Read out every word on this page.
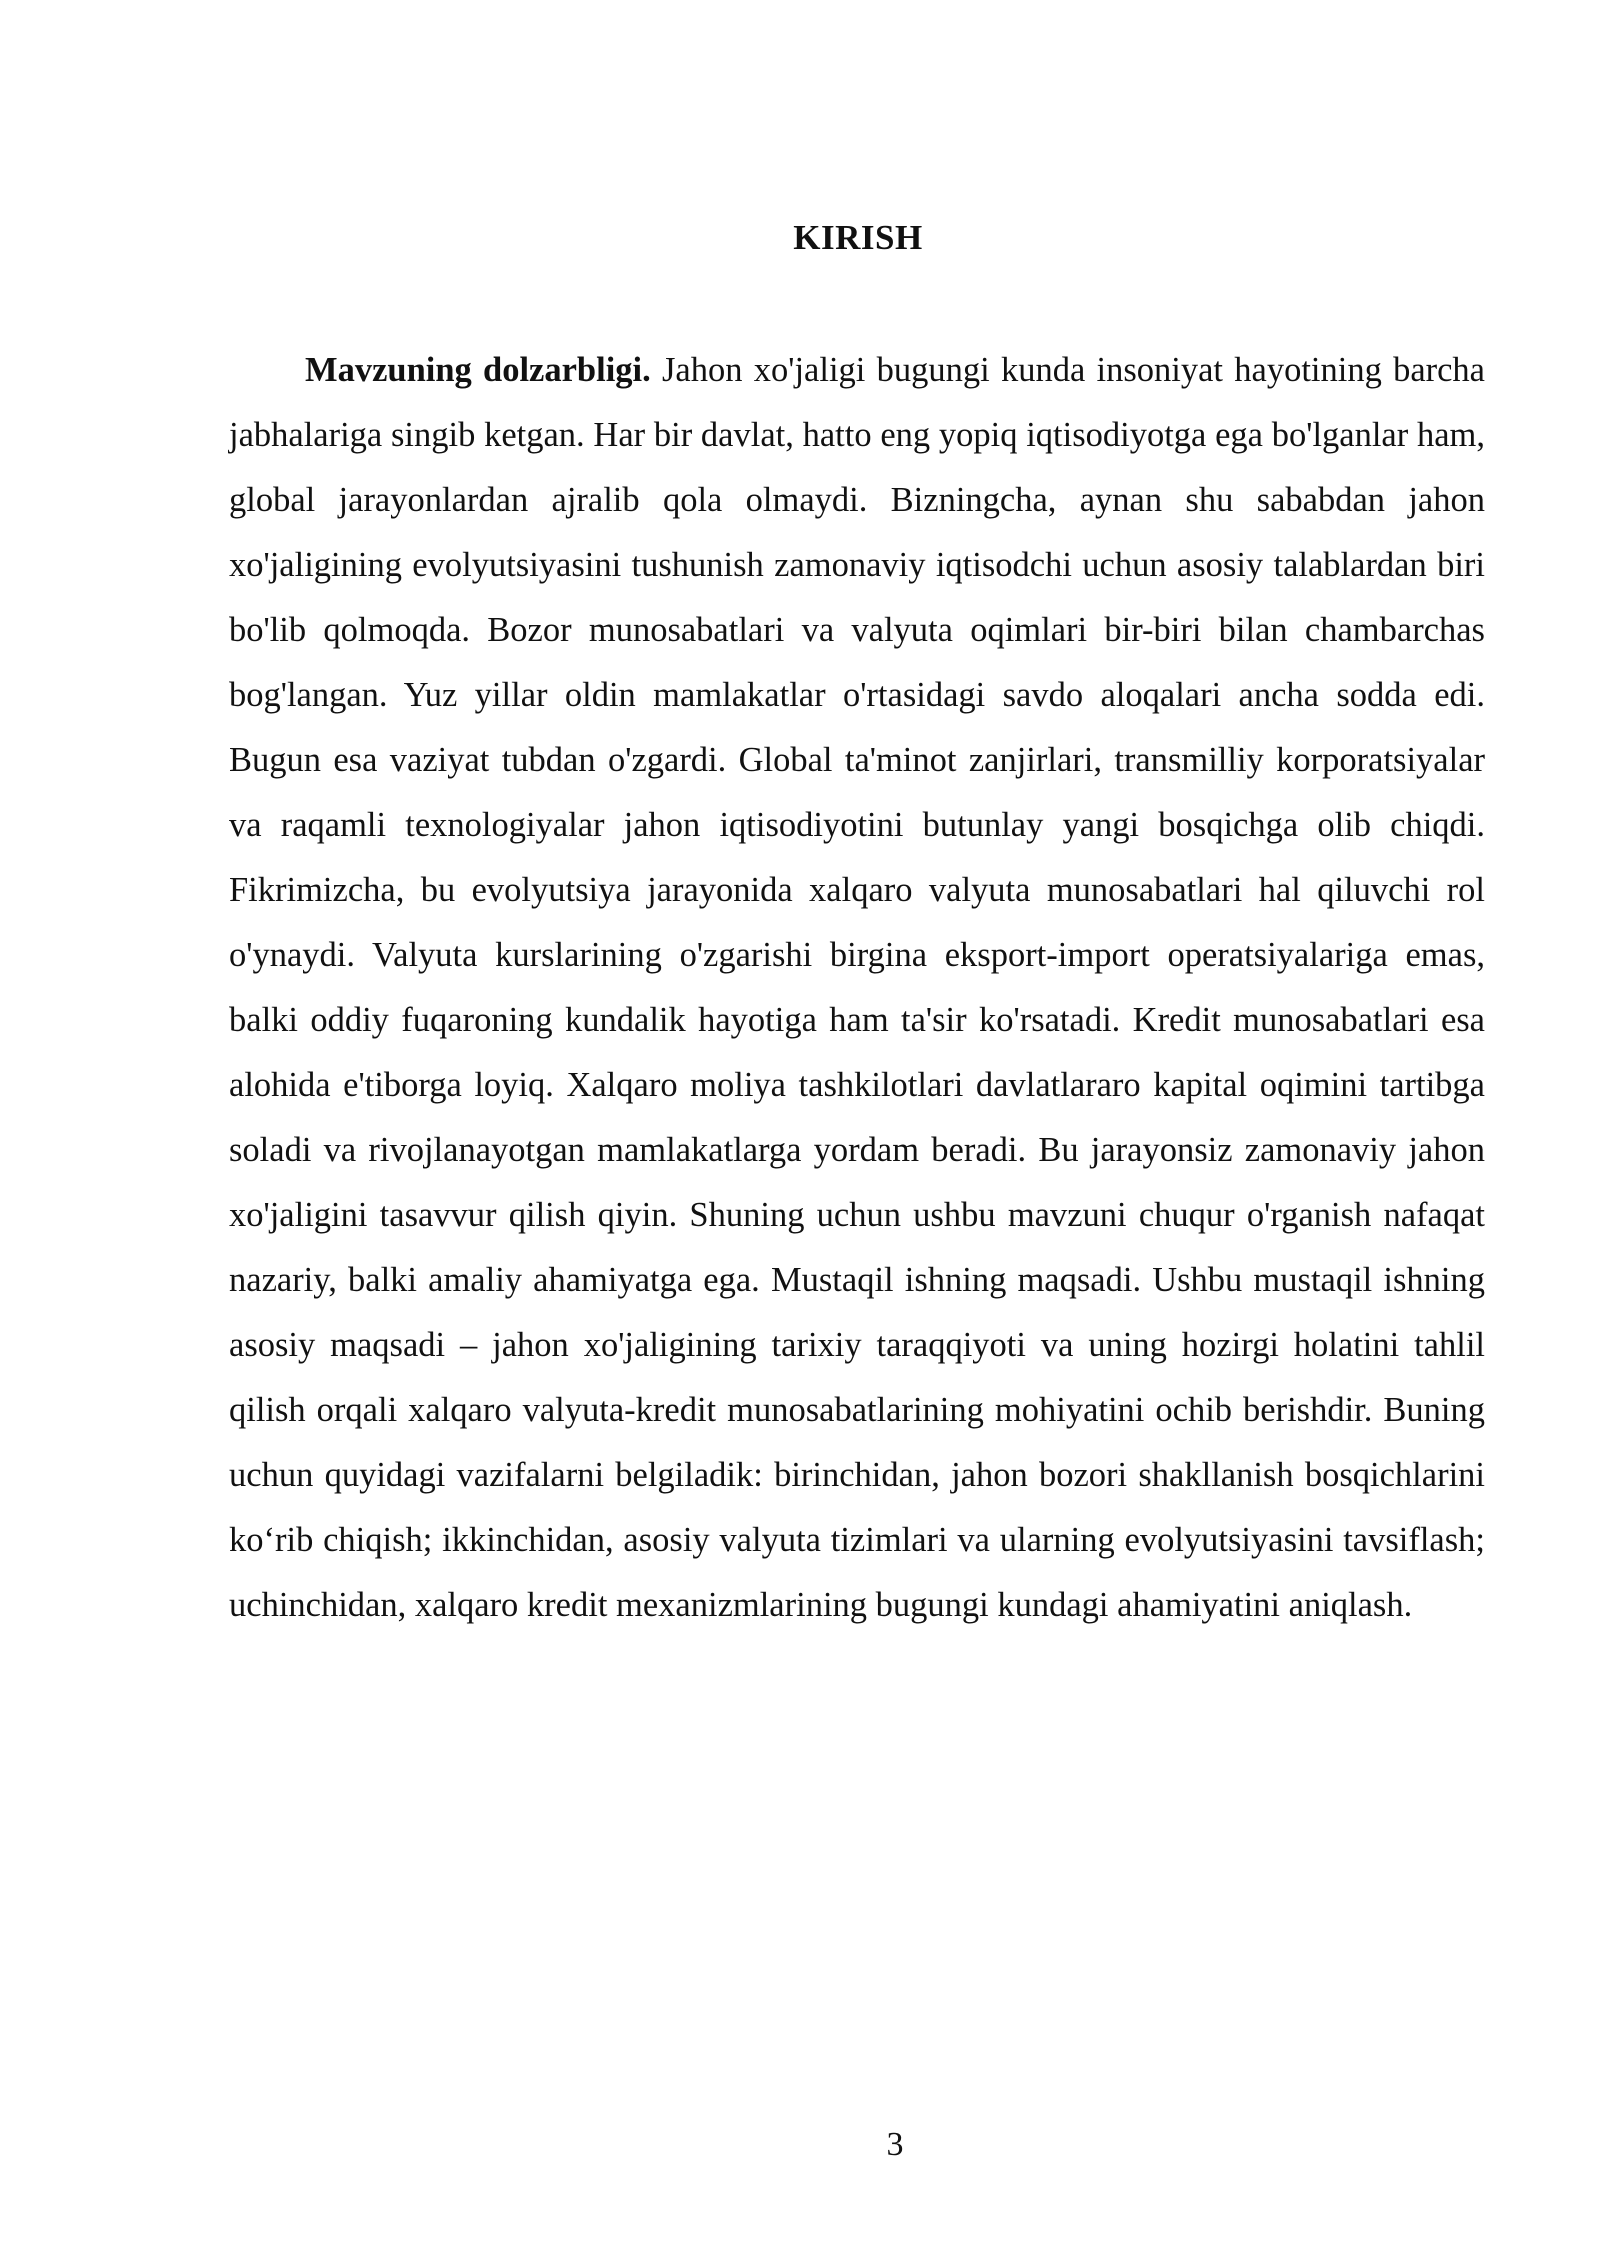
KIRISH

Mavzuning dolzarbligi. Jahon xo'jaligi bugungi kunda insoniyat hayotining barcha jabhalariga singib ketgan. Har bir davlat, hatto eng yopiq iqtisodiyotga ega bo'lganlar ham, global jarayonlardan ajralib qola olmaydi. Bizningcha, aynan shu sababdan jahon xo'jaligining evolyutsiyasini tushunish zamonaviy iqtisodchi uchun asosiy talablardan biri bo'lib qolmoqda. Bozor munosabatlari va valyuta oqimlari bir-biri bilan chambarchas bog'langan. Yuz yillar oldin mamlakatlar o'rtasidagi savdo aloqalari ancha sodda edi. Bugun esa vaziyat tubdan o'zgardi. Global ta'minot zanjirlari, transmilliy korporatsiyalar va raqamli texnologiyalar jahon iqtisodiyotini butunlay yangi bosqichga olib chiqdi. Fikrimizcha, bu evolyutsiya jarayonida xalqaro valyuta munosabatlari hal qiluvchi rol o'ynaydi. Valyuta kurslarining o'zgarishi birgina eksport-import operatsiyalariga emas, balki oddiy fuqaroning kundalik hayotiga ham ta'sir ko'rsatadi. Kredit munosabatlari esa alohida e'tiborga loyiq. Xalqaro moliya tashkilotlari davlatlararo kapital oqimini tartibga soladi va rivojlanayotgan mamlakatlarga yordam beradi. Bu jarayonsiz zamonaviy jahon xo'jaligini tasavvur qilish qiyin. Shuning uchun ushbu mavzuni chuqur o'rganish nafaqat nazariy, balki amaliy ahamiyatga ega. Mustaqil ishning maqsadi. Ushbu mustaqil ishning asosiy maqsadi – jahon xo'jaligining tarixiy taraqqiyoti va uning hozirgi holatini tahlil qilish orqali xalqaro valyuta-kredit munosabatlarining mohiyatini ochib berishdir. Buning uchun quyidagi vazifalarni belgiladik: birinchidan, jahon bozori shakllanish bosqichlarini ko‘rib chiqish; ikkinchidan, asosiy valyuta tizimlari va ularning evolyutsiyasini tavsiflash; uchinchidan, xalqaro kredit mexanizmlarining bugungi kundagi ahamiyatini aniqlash.

3
